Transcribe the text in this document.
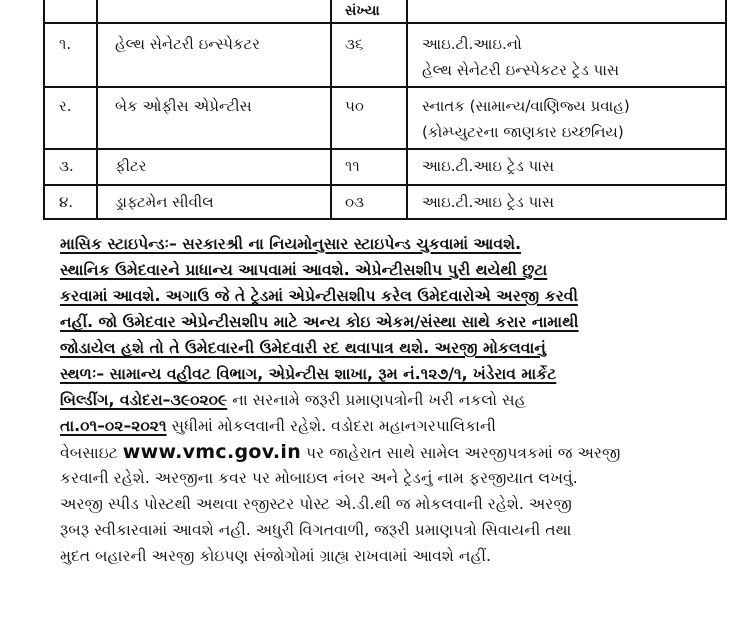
સંખ્યા
૧.	હેલ્થ સેનેટરી ઇન્સ્પેકટર	૩૬	આઇ.ટી.આઇ.નો
હેલ્થ સેનેટરી ઇન્સ્પેકટર ટ્રેડ પાસ
ર.	બેક ઓફીસ એપ્રેન્ટીસ	૫૦	સ્નાતક (સામાન્ય/વાણિજ્ય પ્રવાહ)
(કોમ્પ્યુટરના જાણકાર ઇચ્છનિય)
૩.	ફીટર	૧૧	આઇ.ટી.આઇ ટ્રેડ પાસ
૪.	ડ્રાફ્ટમેન સીવીલ	૦૩	આઇ.ટી.આઇ ટ્રેડ પાસ
માસિક સ્ટાઇપેન્ડઃ– સરકારશ્રી ના નિયમોનુસાર સ્ટાઇપેન્ડ ચુકવામાં આવશે.
સ્થાનિક ઉમેદવારને પ્રાધાન્ય આપવામાં આવશે. એપ્રેન્ટીસશીપ પુરી થયેથી છુટા
કરવામાં આવશે. અગાઉ જે તે ટ્રેડમાં એપ્રેન્ટીસશીપ કરેલ ઉમેદવારોએ અરજી કરવી
નહીં. જો ઉમેદવાર એપ્રેન્ટીસશીપ માટે અન્ય કોઇ એકમ/સંસ્થા સાથે કરાર નામાથી
જોડાયેલ હશે તો તે ઉમેદવારની ઉમેદવારી રદ થવાપાત્ર થશે. અરજી મોકલવાનું
સ્થળઃ– સામાન્ય વહીવટ વિભાગ, એપ્રેન્ટીસ શાખા, રૂમ નં.૧૨૭/૧, ખંડેરાવ માર્કેટ
બિલ્ડીંગ, વડોદરા–૩૯૦૨૦૯ ના સરનામે જરૂરી પ્રમાણપત્રોની ખરી નકલો સહ
તા.૦૧–૦૨–૨૦૨૧ સુધીમાં મોકલવાની રહેશે. વડોદરા મહાનગરપાલિકાની
વેબસાઇટ www.vmc.gov.in પર જાહેરાત સાથે સામેલ અરજીપત્રકમાં જ અરજી
કરવાની રહેશે. અરજીના કવર પર મોબાઇલ નંબર અને ટ્રેડનું નામ ફરજીયાત લખવું.
અરજી સ્પીડ પોસ્ટથી અથવા રજીસ્ટર પોસ્ટ એ.ડી.થી જ મોકલવાની રહેશે. અરજી
રૂબરૂ સ્વીકારવામાં આવશે નહી. અધુરી વિગતવાળી, જરૂરી પ્રમાણપત્રો સિવાયની તથા
મુદત બહારની અરજી કોઇપણ સંજોગોમાં ગ્રાહ્ય રાખવામાં આવશે નહીં.
